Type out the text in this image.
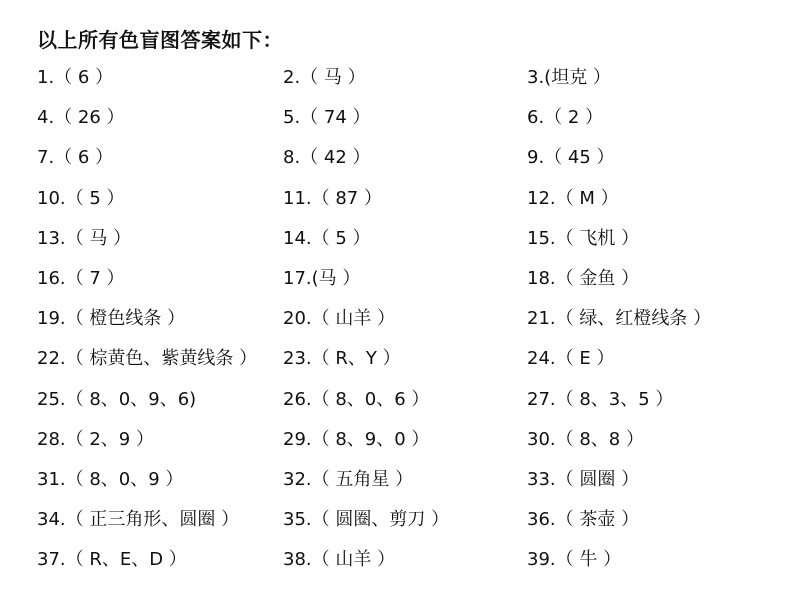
以上所有色盲图答案如下：
1.（ 6 ）	2.（ 马 ）	3.(坦克 ）
4.（ 26 ）	5.（ 74 ）	6.（ 2 ）
7.（ 6 ）	8.（ 42 ）	9.（ 45 ）
10.（ 5 ）	11.（ 87 ）	12.（ M ）
13.（ 马 ）	14.（ 5 ）	15.（ 飞机 ）
16.（ 7 ）	17.(马 ）	18.（ 金鱼 ）
19.（ 橙色线条 ）	20.（ 山羊 ）	21.（ 绿、红橙线条 ）
22.（ 棕黄色、紫黄线条 ）	23.（ R、Y ）	24.（ E ）
25.（ 8、0、9、6)	26.（ 8、0、6 ）	27.（ 8、3、5 ）
28.（ 2、9 ）	29.（ 8、9、0 ）	30.（ 8、8 ）
31.（ 8、0、9 ）	32.（ 五角星 ）	33.（ 圆圈 ）
34.（ 正三角形、圆圈 ）	35.（ 圆圈、剪刀 ）	36.（ 茶壶 ）
37.（ R、E、D ）	38.（ 山羊 ）	39.（ 牛 ）
